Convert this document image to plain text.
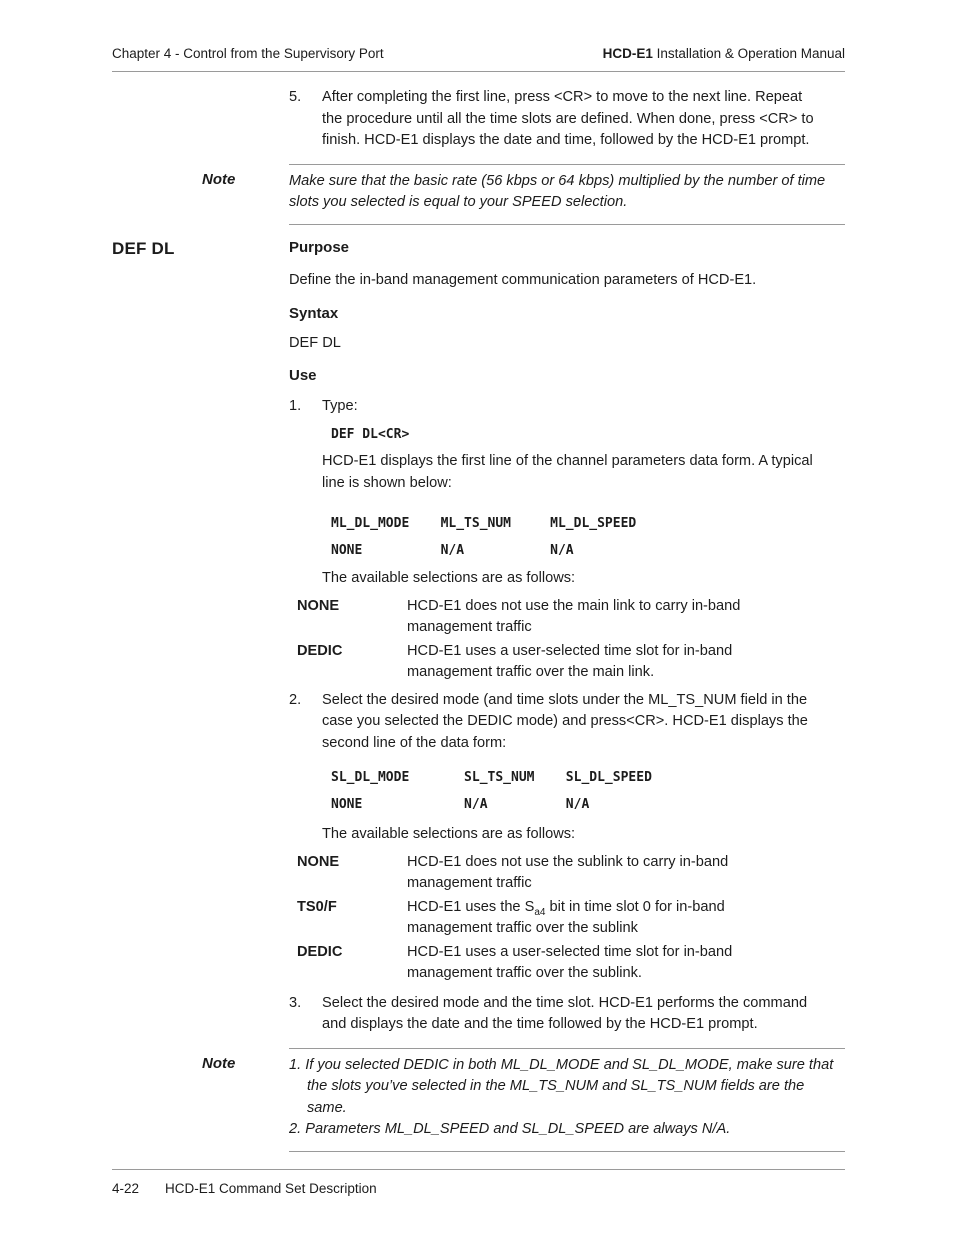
Chapter 4 - Control from the Supervisory Port	HCD-E1 Installation & Operation Manual
5.	After completing the first line, press <CR> to move to the next line. Repeat the procedure until all the time slots are defined. When done, press <CR> to finish. HCD-E1 displays the date and time, followed by the HCD-E1 prompt.

Note	Make sure that the basic rate (56 kbps or 64 kbps) multiplied by the number of time slots you selected is equal to your SPEED selection.

DEF DL	Purpose

Define the in-band management communication parameters of HCD-E1.

Syntax

DEF DL

Use
1.	Type:

DEF DL<CR>

HCD-E1 displays the first line of the channel parameters data form. A typical line is shown below:

ML_DL_MODE    ML_TS_NUM     ML_DL_SPEED
NONE          N/A           N/A

The available selections are as follows:

NONE	HCD-E1 does not use the main link to carry in-band management traffic

DEDIC	HCD-E1 uses a user-selected time slot for in-band management traffic over the main link.

2.	Select the desired mode (and time slots under the ML_TS_NUM field in the case you selected the DEDIC mode) and press<CR>. HCD-E1 displays the second line of the data form:

SL_DL_MODE       SL_TS_NUM    SL_DL_SPEED
NONE             N/A          N/A

The available selections are as follows:

NONE	HCD-E1 does not use the sublink to carry in-band management traffic

TS0/F	HCD-E1 uses the $S_{a4}$ bit in time slot 0 for in-band management traffic over the sublink

DEDIC	HCD-E1 uses a user-selected time slot for in-band management traffic over the sublink.

3.	Select the desired mode and the time slot. HCD-E1 performs the command and displays the date and the time followed by the HCD-E1 prompt.

Note	1. If you selected DEDIC in both ML_DL_MODE and SL_DL_MODE, make sure that the slots you’ve selected in the ML_TS_NUM and SL_TS_NUM fields are the same.

2. Parameters ML_DL_SPEED and SL_DL_SPEED are always N/A.

4-22 HCD-E1 Command Set Description
